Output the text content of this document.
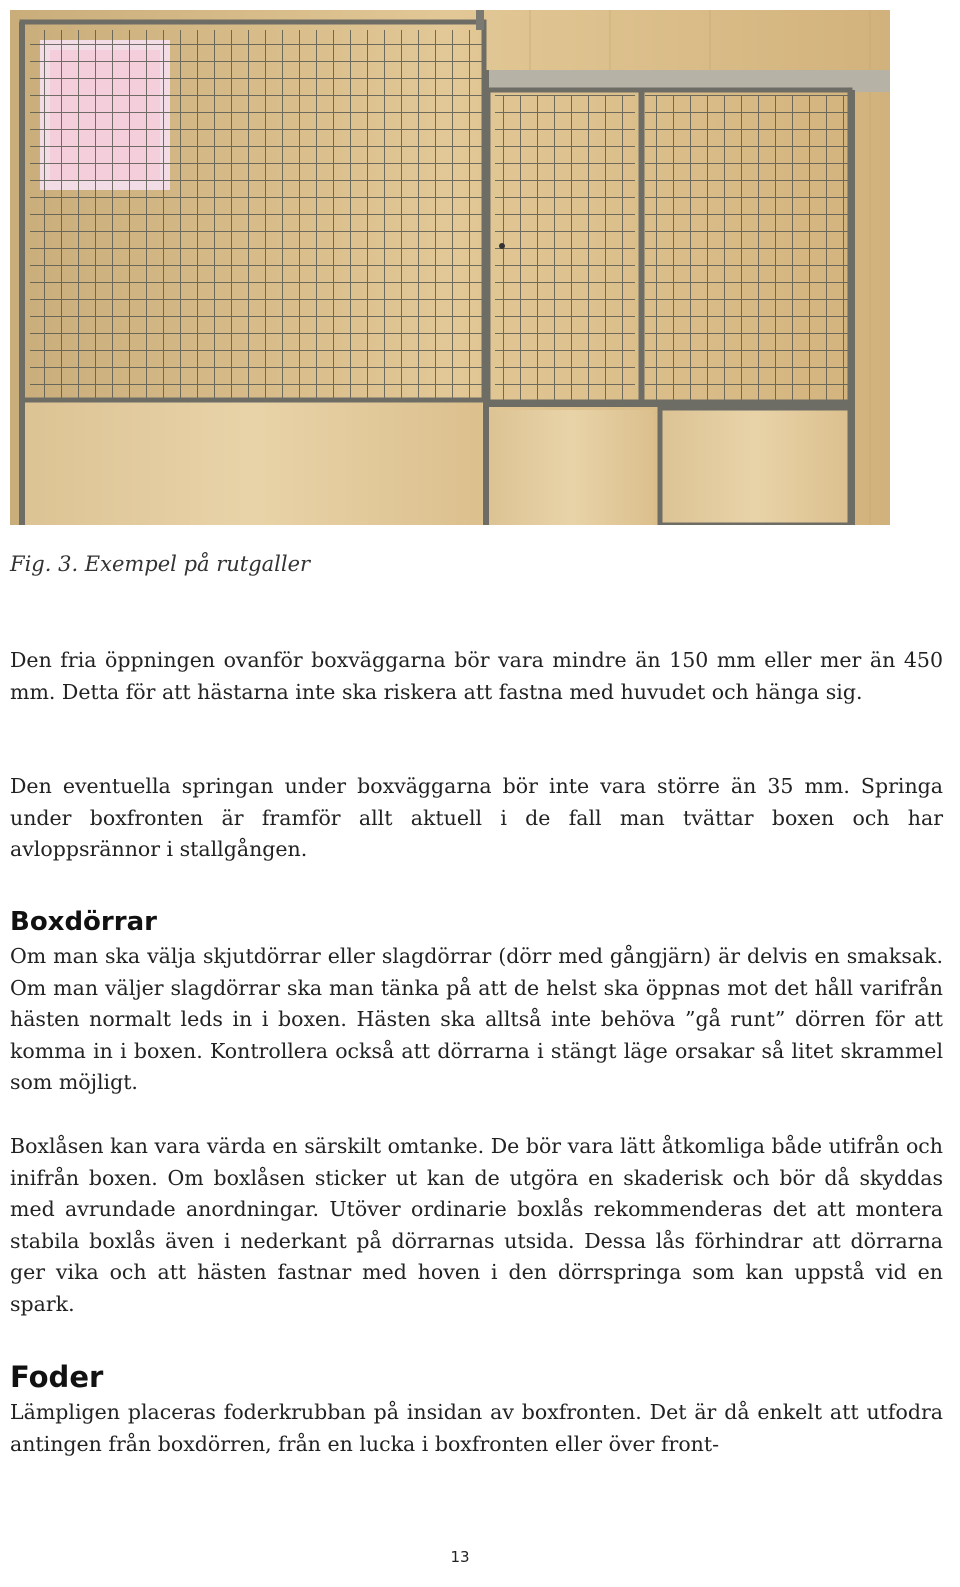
Fig. 3. Exempel på rutgaller

Den fria öppningen ovanför boxväggarna bör vara mindre än 150 mm eller mer än 450 mm. Detta för att hästarna inte ska riskera att fastna med huvudet och hänga sig.

Den eventuella springan under boxväggarna bör inte vara större än 35 mm. Springa under boxfronten är framför allt aktuell i de fall man tvättar boxen och har avloppsrännor i stallgången.

Boxdörrar

Om man ska välja skjutdörrar eller slagdörrar (dörr med gångjärn) är delvis en smaksak. Om man väljer slagdörrar ska man tänka på att de helst ska öppnas mot det håll varifrån hästen normalt leds in i boxen. Hästen ska alltså inte behöva ”gå runt” dörren för att komma in i boxen. Kontrollera också att dörrarna i stängt läge orsakar så litet skrammel som möjligt.

Boxlåsen kan vara värda en särskilt omtanke. De bör vara lätt åtkomliga både utifrån och inifrån boxen. Om boxlåsen sticker ut kan de utgöra en skaderisk och bör då skyddas med avrundade anordningar. Utöver ordinarie boxlås rekommenderas det att montera stabila boxlås även i nederkant på dörrarnas utsida. Dessa lås förhindrar att dörrarna ger vika och att hästen fastnar med hoven i den dörrspringa som kan uppstå vid en spark.

Foder

Lämpligen placeras foderkrubban på insidan av boxfronten. Det är då enkelt att utfodra antingen från boxdörren, från en lucka i boxfronten eller över front-

13
